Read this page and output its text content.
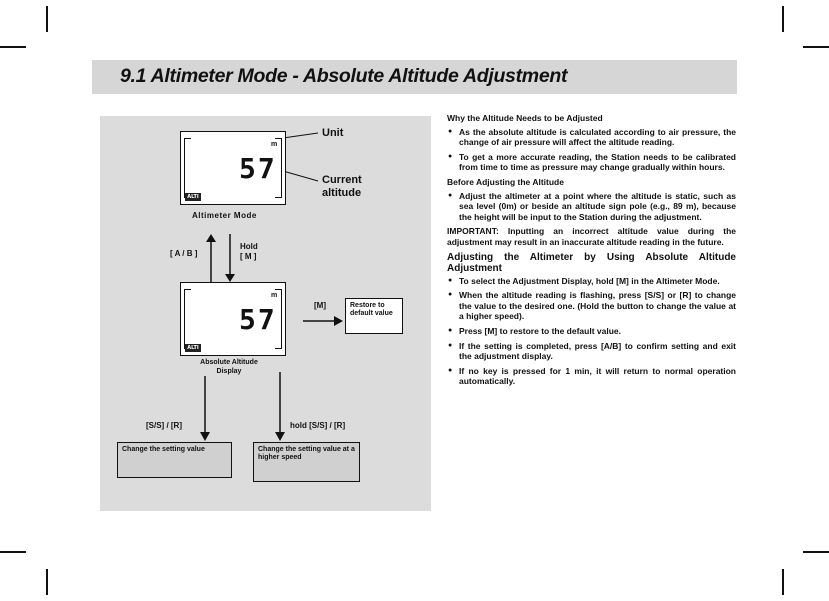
9.1 Altimeter Mode - Absolute Altitude Adjustment
m
57
ALTI
Unit
Current altitude
Altimeter Mode
[ A / B ]
Hold
[ M ]
m
57
ALTI
[M]	Restore to default value
Absolute Altitude Display
[S/S] / [R]	hold [S/S] / [R]
Change the setting value	Change the setting value at a higher speed
Why the Altitude Needs to be Adjusted
● As the absolute altitude is calculated according to air pressure, the change of air pressure will affect the altitude reading.
● To get a more accurate reading, the Station needs to be calibrated from time to time as pressure may change gradually within hours.
Before Adjusting the Altitude
● Adjust the altimeter at a point where the altitude is static, such as sea level (0m) or beside an altitude sign pole (e.g., 89 m), because the height will be input to the Station during the adjustment.

IMPORTANT: Inputting an incorrect altitude value during the adjustment may result in an inaccurate altitude reading in the future.

Adjusting the Altimeter by Using Absolute Altitude Adjustment
● To select the Adjustment Display, hold [M] in the Altimeter Mode.
● When the altitude reading is flashing, press [S/S] or [R] to change the value to the desired one. (Hold the button to change the value at a higher speed).
● Press [M] to restore to the default value.
● If the setting is completed, press [A/B] to confirm setting and exit the adjustment display.
● If no key is pressed for 1 min, it will return to normal operation automatically.
